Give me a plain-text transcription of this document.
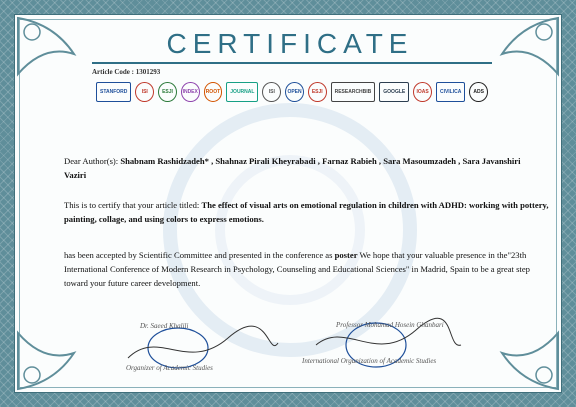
CERTIFICATE
Article Code : 1301293
STANFORD	ISI	ESJI	INDEX	ROOT	JOURNAL	ISI	OPEN	ESJI	RESEARCHBIB	GOOGLE	IOAS	CIVILICA	ADS
Dear Author(s): Shabnam Rashidzadeh* , Shahnaz Pirali Kheyrabadi , Farnaz Rabieh , Sara Masoumzadeh , Sara Javanshiri Vaziri
This is to certify that your article titled: The effect of visual arts on emotional regulation in children with ADHD: working with pottery, painting, collage, and using colors to express emotions.
has been accepted by Scientific Committee and presented in the conference as poster We hope that your valuable presence in the"23th International Conference of Modern Research in Psychology, Counseling and Educational Sciences" in Madrid, Spain to be a great step toward your future career development.
Dr. Saeed Khalili
Organizer of Academic Studies
Professor Mohamad Hosein Ghanbari
International Organization of Academic Studies
